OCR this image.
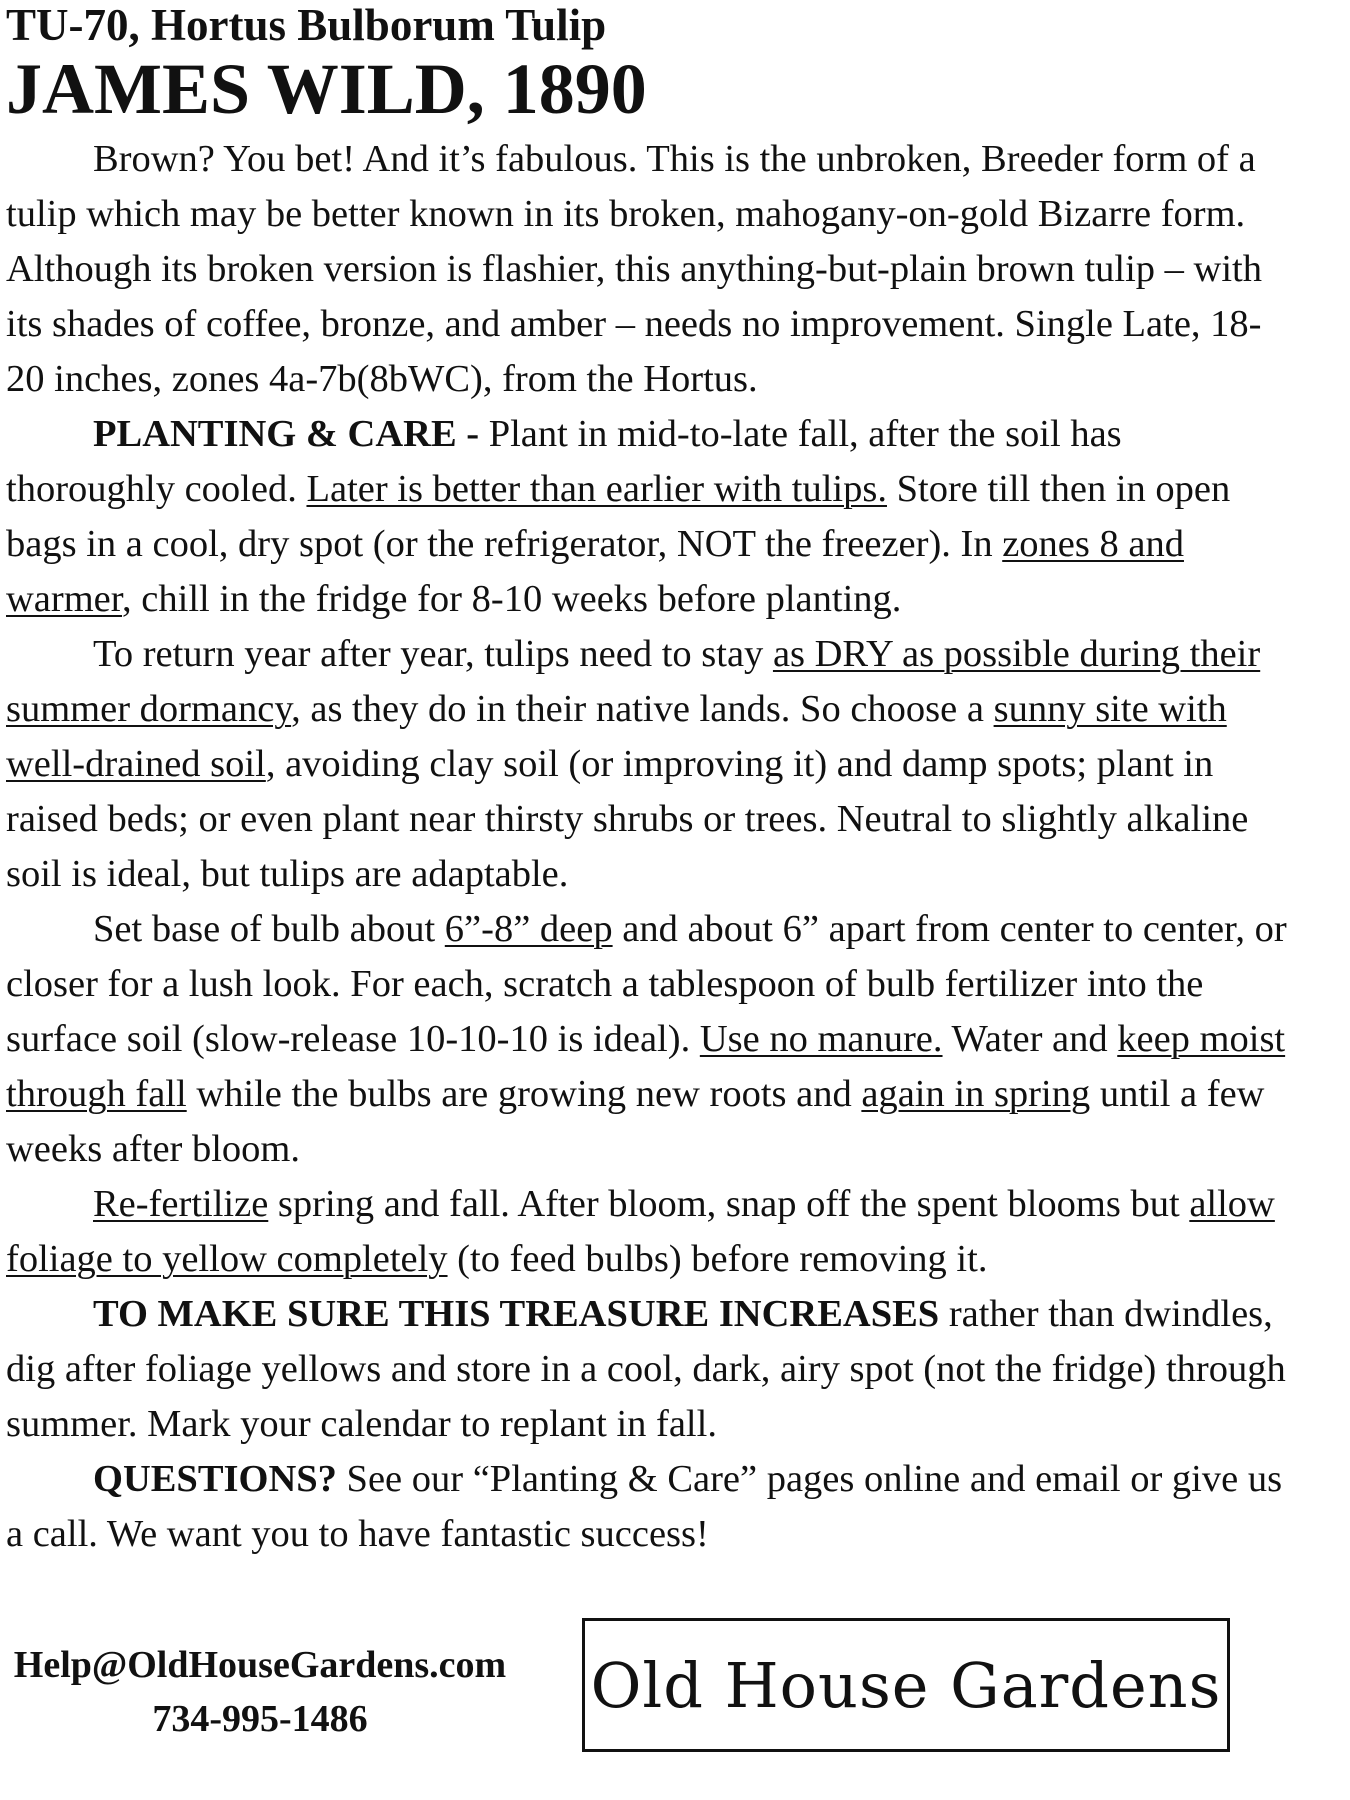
TU-70, Hortus Bulborum Tulip
JAMES WILD, 1890

Brown? You bet! And it’s fabulous. This is the unbroken, Breeder form of a tulip which may be better known in its broken, mahogany-on-gold Bizarre form. Although its broken version is flashier, this anything-but-plain brown tulip – with its shades of coffee, bronze, and amber – needs no improvement. Single Late, 18-20 inches, zones 4a-7b(8bWC), from the Hortus.

PLANTING & CARE - Plant in mid-to-late fall, after the soil has thoroughly cooled. Later is better than earlier with tulips. Store till then in open bags in a cool, dry spot (or the refrigerator, NOT the freezer). In zones 8 and warmer, chill in the fridge for 8-10 weeks before planting.

To return year after year, tulips need to stay as DRY as possible during their summer dormancy, as they do in their native lands. So choose a sunny site with well-drained soil, avoiding clay soil (or improving it) and damp spots; plant in raised beds; or even plant near thirsty shrubs or trees. Neutral to slightly alkaline soil is ideal, but tulips are adaptable.

Set base of bulb about 6”-8” deep and about 6” apart from center to center, or closer for a lush look. For each, scratch a tablespoon of bulb fertilizer into the surface soil (slow-release 10-10-10 is ideal). Use no manure. Water and keep moist through fall while the bulbs are growing new roots and again in spring until a few weeks after bloom.

Re-fertilize spring and fall. After bloom, snap off the spent blooms but allow foliage to yellow completely (to feed bulbs) before removing it.

TO MAKE SURE THIS TREASURE INCREASES rather than dwindles, dig after foliage yellows and store in a cool, dark, airy spot (not the fridge) through summer. Mark your calendar to replant in fall.

QUESTIONS? See our “Planting & Care” pages online and email or give us a call. We want you to have fantastic success!

Help@OldHouseGardens.com
734-995-1486	Old House Gardens
